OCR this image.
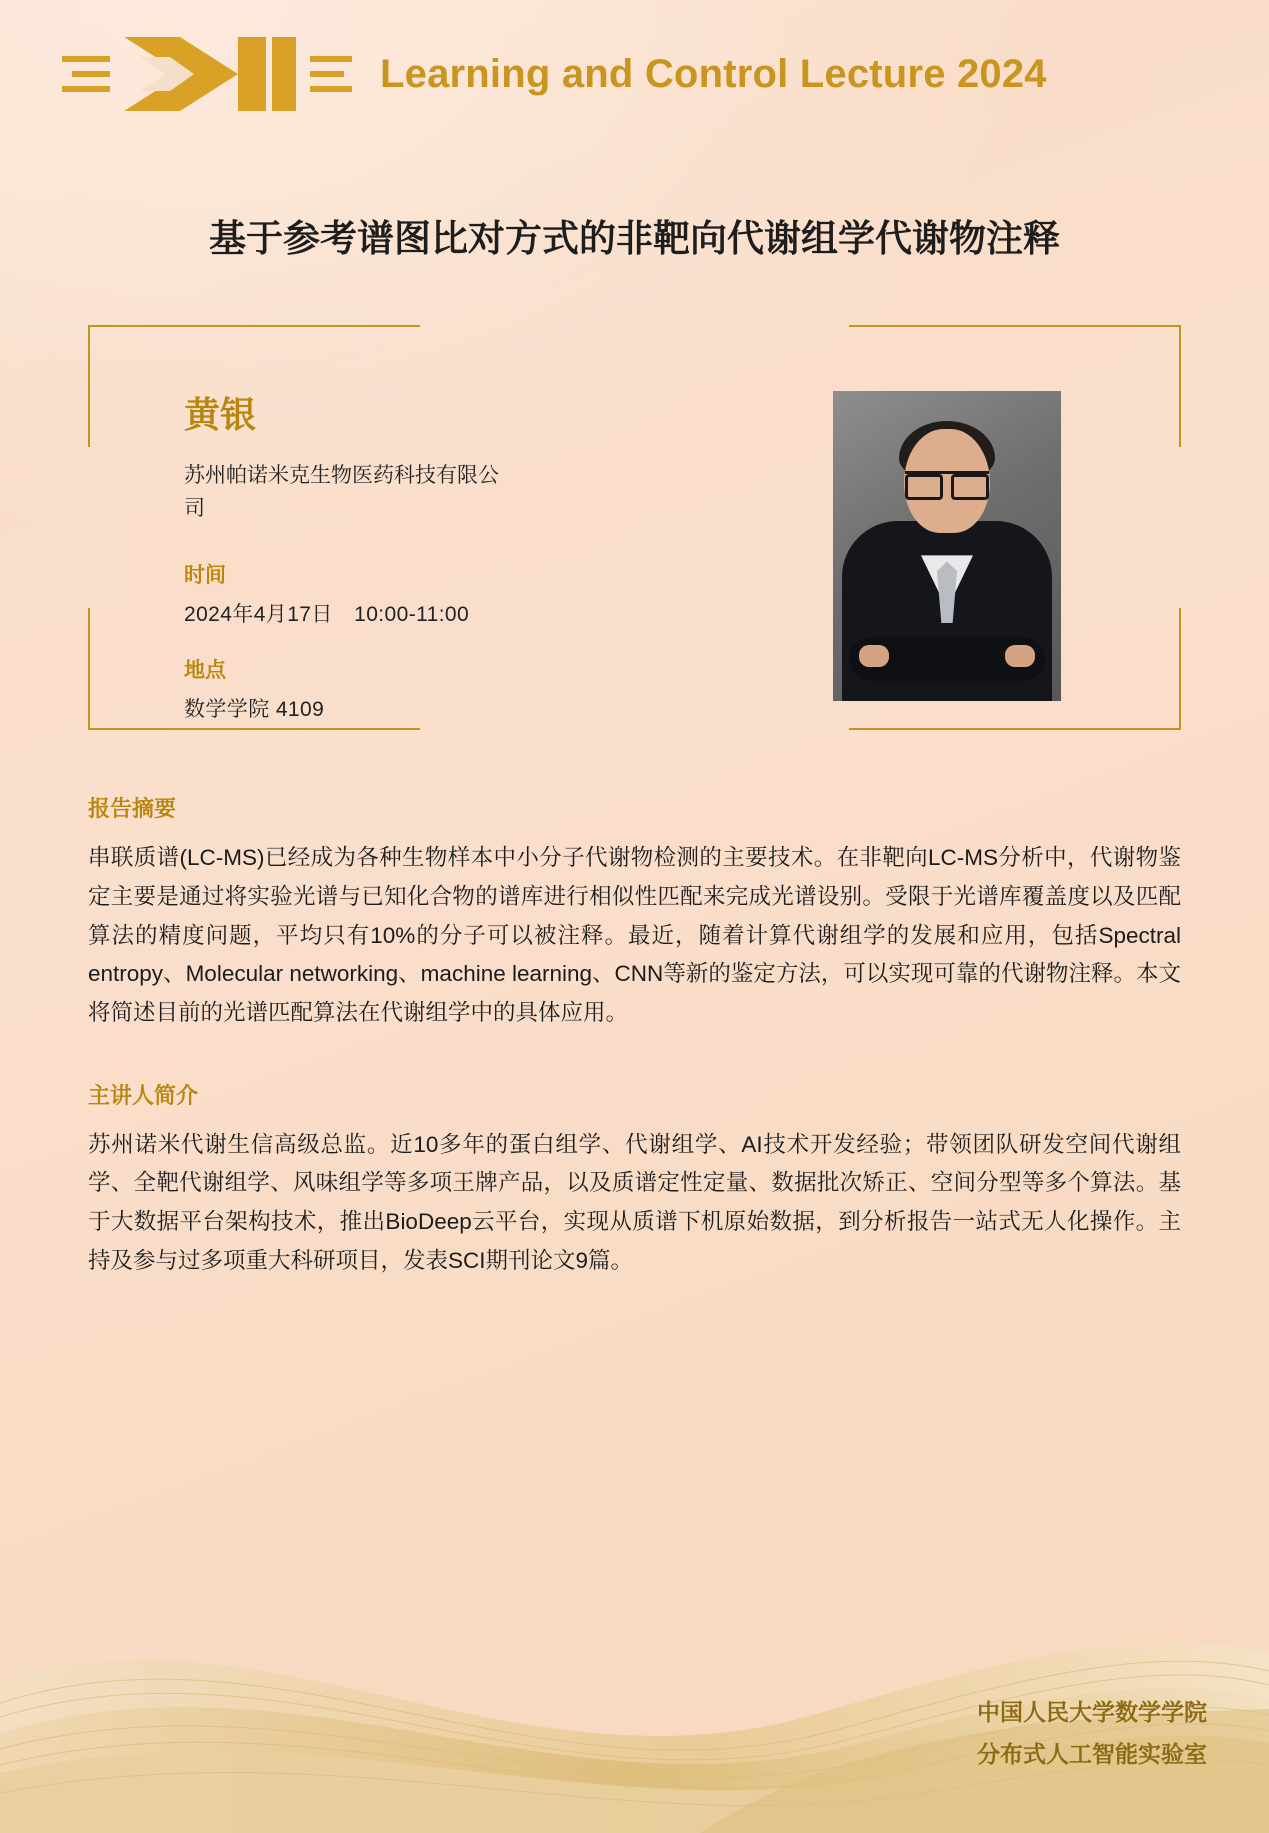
Learning and Control Lecture 2024
基于参考谱图比对方式的非靶向代谢组学代谢物注释
黄银
苏州帕诺米克生物医药科技有限公司
时间
2024年4月17日　10:00-11:00
地点
数学学院 4109
报告摘要
串联质谱(LC-MS)已经成为各种生物样本中小分子代谢物检测的主要技术。在非靶向LC-MS分析中，代谢物鉴定主要是通过将实验光谱与已知化合物的谱库进行相似性匹配来完成光谱设别。受限于光谱库覆盖度以及匹配算法的精度问题，平均只有10%的分子可以被注释。最近，随着计算代谢组学的发展和应用，包括Spectral entropy、Molecular networking、machine learning、CNN等新的鉴定方法，可以实现可靠的代谢物注释。本文将简述目前的光谱匹配算法在代谢组学中的具体应用。
主讲人简介
苏州诺米代谢生信高级总监。近10多年的蛋白组学、代谢组学、AI技术开发经验；带领团队研发空间代谢组学、全靶代谢组学、风味组学等多项王牌产品，以及质谱定性定量、数据批次矫正、空间分型等多个算法。基于大数据平台架构技术，推出BioDeep云平台，实现从质谱下机原始数据，到分析报告一站式无人化操作。主持及参与过多项重大科研项目，发表SCI期刊论文9篇。
中国人民大学数学学院
分布式人工智能实验室
